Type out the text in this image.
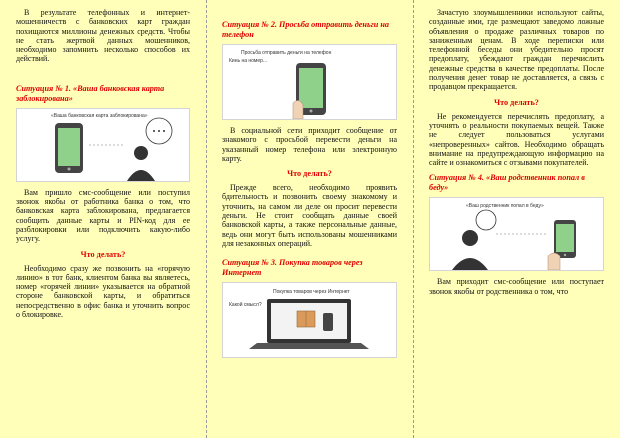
В результате телефонных и интернет-мошенничеств с банковских карт граждан похищаются миллионы денежных средств. Чтобы не стать жертвой данных мошенников, необходимо запомнить несколько способов их действий.

Ситуация № 1. «Ваша банковская карта заблокирована»
«Ваша банковская карта заблокирована»

Вам пришло смс-сообщение или поступил звонок якобы от работника банка о том, что банковская карта заблокирована, предлагается сообщить данные карты и PIN-код для ее разблокировки или подключить какую-либо услугу.

Что делать?

Необходимо сразу же позвонить на «горячую линию» в тот банк, клиентом банка вы являетесь, номер «горячей линии» указывается на обратной стороне банковской карты, и обратиться непосредственно в офис банка и уточнить вопрос о блокировке.

Ситуация № 2. Просьба отправить деньги на телефон
Просьба отправить деньги на телефон
Кинь на номер...

В социальной сети приходит сообщение от знакомого с просьбой перевести деньги на указанный номер телефона или электронную карту.

Что делать?

Прежде всего, необходимо проявить бдительность и позвонить своему знакомому и уточнить, на самом ли деле он просит перевести деньги. Не стоит сообщать данные своей банковской карты, а также персональные данные, ведь они могут быть использованы мошенниками для незаконных операций.

Ситуация № 3. Покупка товаров через Интернет
Покупка товаров через Интернет
Какой смысл?

Зачастую злоумышленники используют сайты, созданные ими, где размещают заведомо ложные объявления о продаже различных товаров по заниженным ценам. В ходе переписки или телефонной беседы они убедительно просят предоплату, убеждают граждан перечислить денежные средства в качестве предоплаты. После получения денег товар не доставляется, а связь с продавцом прекращается.

Что делать?

Не рекомендуется перечислять предоплату, а уточнять о реальности покупаемых вещей. Также не следует пользоваться услугами «непроверенных» сайтов. Необходимо обращать внимание на предупреждающую информацию на сайте и ознакомиться с отзывами покупателей.

Ситуация № 4. «Ваш родственник попал в беду»
«Ваш родственник попал в беду»

Вам приходит смс-сообщение или поступает звонок якобы от родственника о том, что
